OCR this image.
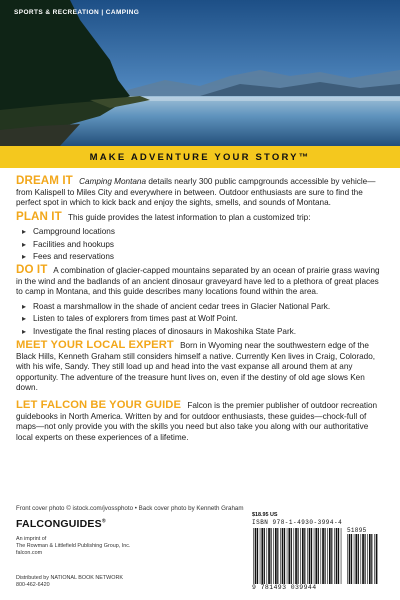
SPORTS & RECREATION | CAMPING
MAKE ADVENTURE YOUR STORY™

DREAM IT Camping Montana details nearly 300 public campgrounds accessible by vehicle—from Kalispell to Miles City and everywhere in between. Outdoor enthusiasts are sure to find the perfect spot in which to kick back and enjoy the sights, smells, and sounds of Montana.

PLAN IT This guide provides the latest information to plan a customized trip:

▸ Campground locations
▸ Facilities and hookups
▸ Fees and reservations

DO IT A combination of glacier-capped mountains separated by an ocean of prairie grass waving in the wind and the badlands of an ancient dinosaur graveyard have led to a plethora of great places to camp in Montana, and this guide describes many locations found within the area.

▸ Roast a marshmallow in the shade of ancient cedar trees in Glacier National Park.
▸ Listen to tales of explorers from times past at Wolf Point.
▸ Investigate the final resting places of dinosaurs in Makoshika State Park.

MEET YOUR LOCAL EXPERT Born in Wyoming near the southwestern edge of the Black Hills, Kenneth Graham still considers himself a native. Currently Ken lives in Craig, Colorado, with his wife, Sandy. They still load up and head into the vast expanse all around them at any opportunity. The adventure of the treasure hunt lives on, even if the destiny of old age slows Ken down.

LET FALCON BE YOUR GUIDE Falcon is the premier publisher of outdoor recreation guidebooks in North America. Written by and for outdoor enthusiasts, these guides—chock-full of maps—not only provide you with the skills you need but also take you along with our authoritative local experts on these experiences of a lifetime.

Front cover photo © istock.com/jvossphoto • Back cover photo by Kenneth Graham
FALCONGUIDES®
An imprint of
The Rowman & Littlefield Publishing Group, Inc.
falcon.com
Distributed by NATIONAL BOOK NETWORK
800-462-6420
$18.95 US
ISBN 978-1-4930-3994-4
51895
9 781493 039944
